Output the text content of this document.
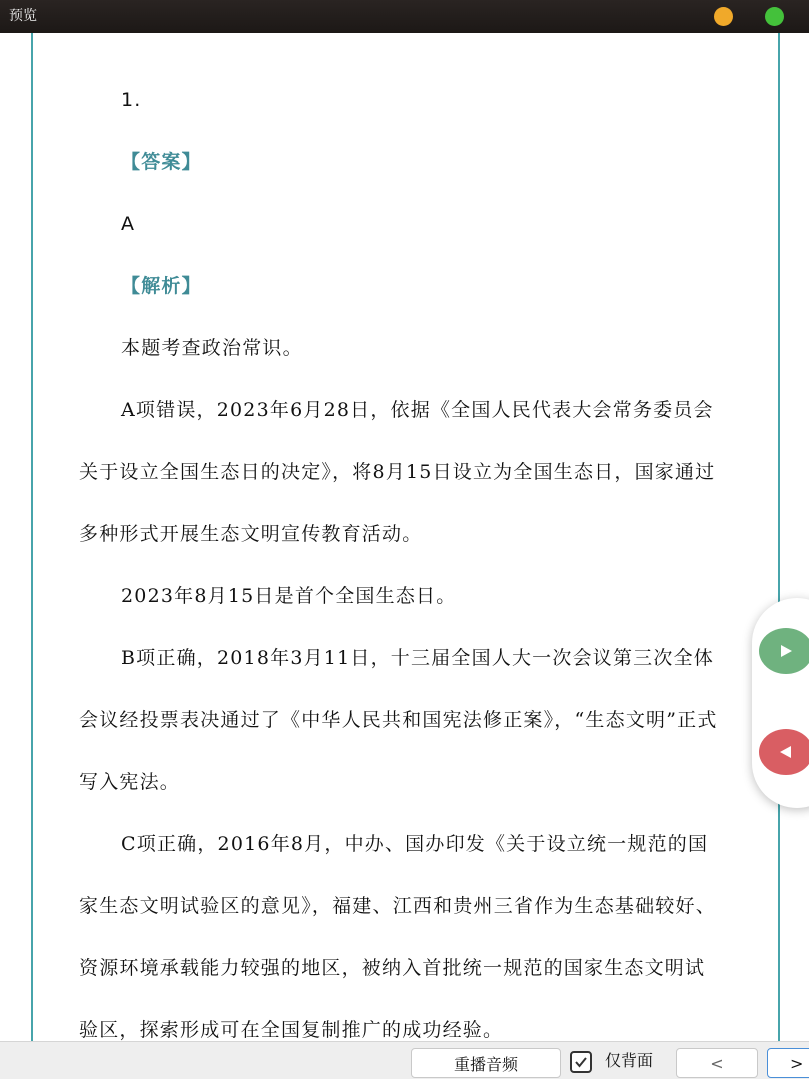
预览

1.

【答案】

A

【解析】

本题考查政治常识。

A项错误，2023年6月28日，依据《全国人民代表大会常务委员会关于设立全国生态日的决定》，将8月15日设立为全国生态日，国家通过多种形式开展生态文明宣传教育活动。

2023年8月15日是首个全国生态日。

B项正确，2018年3月11日，十三届全国人大一次会议第三次全体会议经投票表决通过了《中华人民共和国宪法修正案》，“生态文明”正式写入宪法。

C项正确，2016年8月，中办、国办印发《关于设立统一规范的国家生态文明试验区的意见》，福建、江西和贵州三省作为生态基础较好、资源环境承载能力较强的地区，被纳入首批统一规范的国家生态文明试验区，探索形成可在全国复制推广的成功经验。

重播音频	仅背面	<	>
